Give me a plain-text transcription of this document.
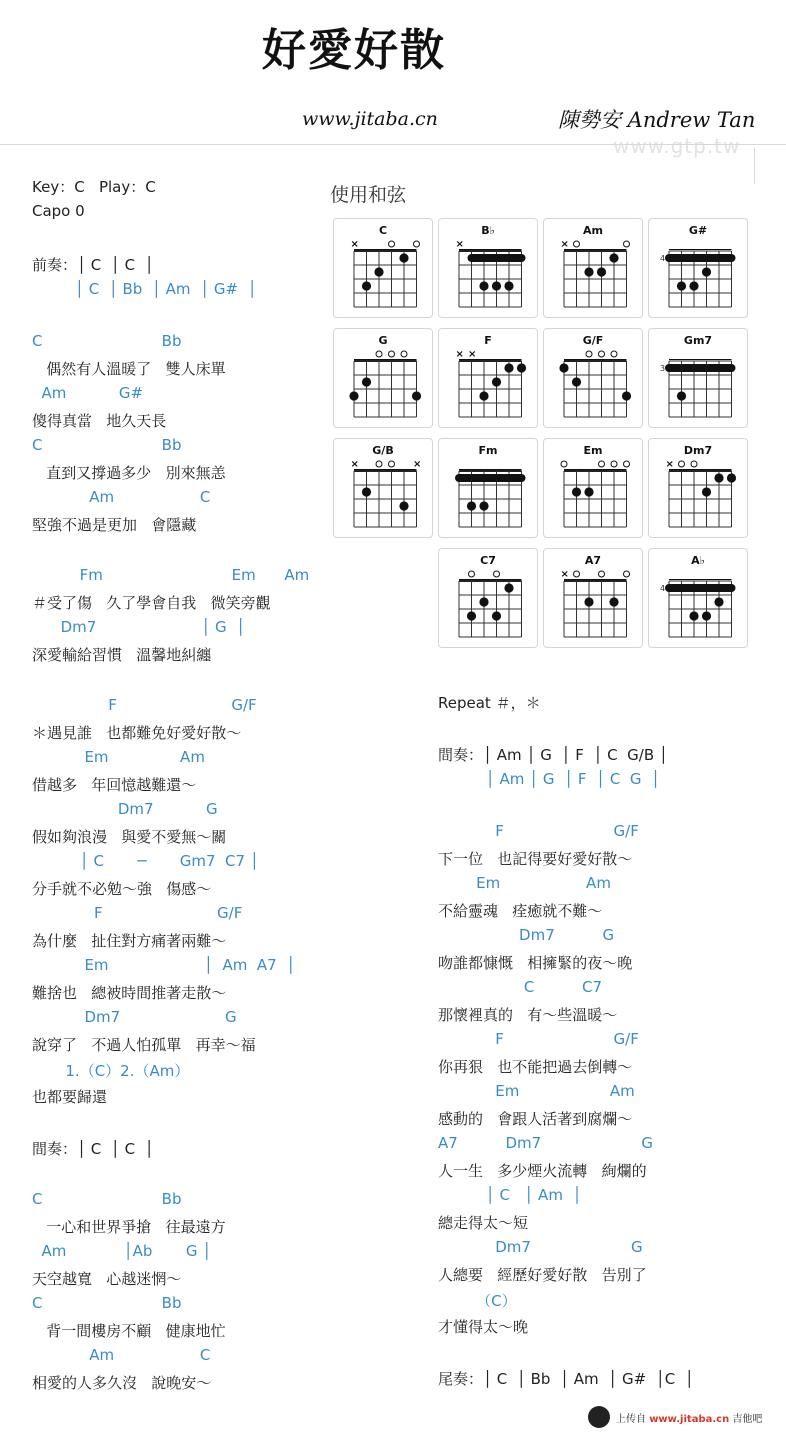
好愛好散
www.jitaba.cn	陳勢安 Andrew Tan
www.gtp.tw
使用和弦
C
×
B♭
×
Am
×
G#
4
G	F
× ×
G/F	Gm7
3
G/B
×	×
Fm	Em	Dm7
×
C7	A7
×
A♭
4
Key：C   Play：C
Capo 0
前奏：│ C  │ C  │
│ C  │ Bb  │ Am  │ G#  │
C                         Bb
偶然有人溫暖了   雙人床單
Am           G#
傻得真當   地久天長
C                         Bb
直到又撐過多少   別來無恙
Am                  C
堅強不過是更加   會隱藏
Fm                           Em      Am
＃受了傷   久了學會自我   微笑旁觀
Dm7                      │ G  │
深愛輸給習慣   溫馨地糾纏
F                        G/F
＊遇見誰   也都難免好愛好散～
Em               Am
借越多   年回憶越難還～
Dm7           G
假如夠浪漫   與愛不愛無～關
│ C       ─       Gm7  C7 │
分手就不必勉～強   傷感～
F                        G/F
為什麼   扯住對方痛著兩難～
Em                    │  Am  A7  │
難捨也   總被時間推著走散～
Dm7                      G
說穿了   不過人怕孤單   再幸～福
1.（C）2.（Am）
也都要歸還
間奏：│ C  │ C  │
C                         Bb
一心和世界爭搶   往最遠方
Am            │Ab       G │
天空越寬   心越迷惘～
C                         Bb
背一間樓房不顧   健康地忙
Am                  C
相愛的人多久沒   說晚安～
Repeat ＃，＊
間奏：│ Am │ G  │ F  │ C  G/B │
│ Am │ G  │ F  │ C  G  │
F                       G/F
下一位   也記得要好愛好散～
Em                  Am
不給靈魂   痊癒就不難～
Dm7          G
吻誰都慷慨   相擁緊的夜～晚
C          C7
那懷裡真的   有～些溫暖～
F                       G/F
你再狠   也不能把過去倒轉～
Em                   Am
感動的   會跟人活著到腐爛～
A7          Dm7                     G
人一生   多少煙火流轉   絢爛的
│ C   │ Am  │
總走得太～短
Dm7                     G
人總要   經歷好愛好散   告別了
（C）
才懂得太～晚
尾奏：│ C  │ Bb  │ Am  │ G#  │C  │
上传自 www.jitaba.cn 吉他吧
